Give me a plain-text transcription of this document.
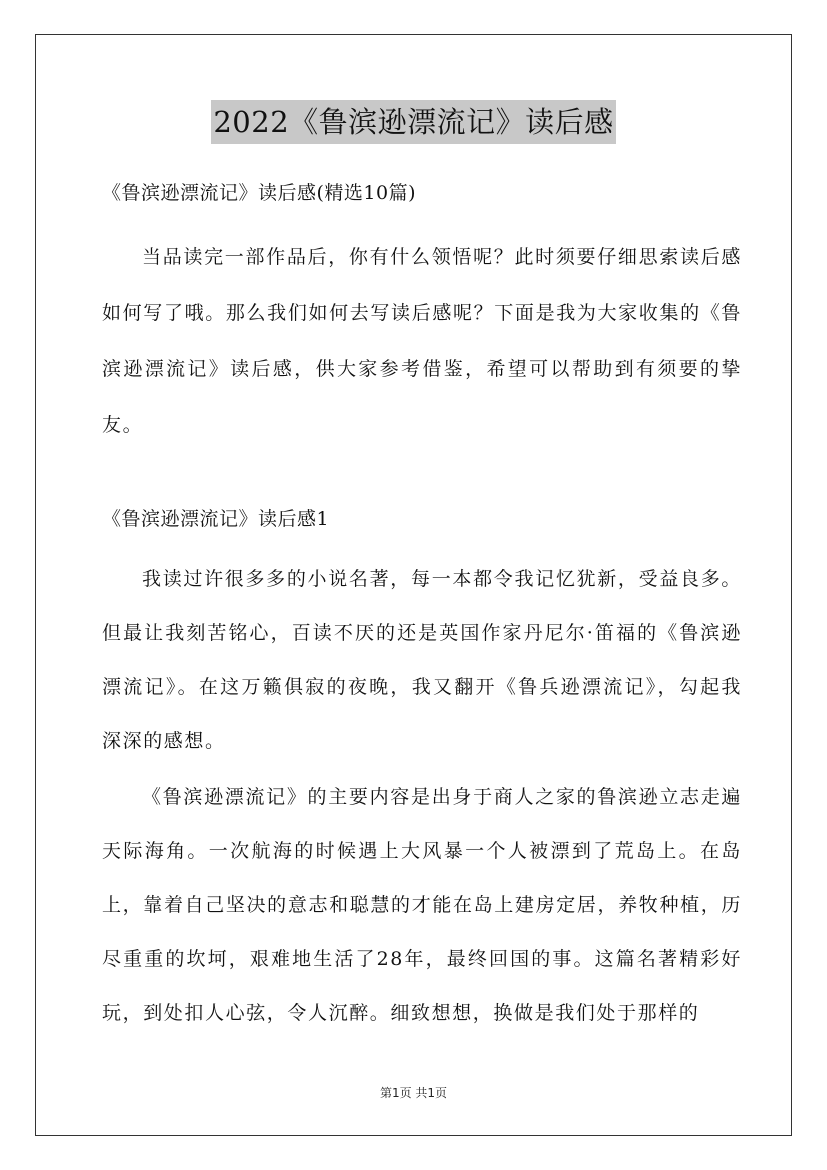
2022《鲁滨逊漂流记》读后感

《鲁滨逊漂流记》读后感(精选10篇)

当品读完一部作品后，你有什么领悟呢？此时须要仔细思索读后感如何写了哦。那么我们如何去写读后感呢？下面是我为大家收集的《鲁滨逊漂流记》读后感，供大家参考借鉴，希望可以帮助到有须要的挚友。

《鲁滨逊漂流记》读后感1

我读过许很多多的小说名著，每一本都令我记忆犹新，受益良多。但最让我刻苦铭心，百读不厌的还是英国作家丹尼尔·笛福的《鲁滨逊漂流记》。在这万籁俱寂的夜晚，我又翻开《鲁兵逊漂流记》，勾起我深深的感想。

《鲁滨逊漂流记》的主要内容是出身于商人之家的鲁滨逊立志走遍天际海角。一次航海的时候遇上大风暴一个人被漂到了荒岛上。在岛上，靠着自己坚决的意志和聪慧的才能在岛上建房定居，养牧种植，历尽重重的坎坷，艰难地生活了28年，最终回国的事。这篇名著精彩好玩，到处扣人心弦，令人沉醉。细致想想，换做是我们处于那样的

第1页 共1页
